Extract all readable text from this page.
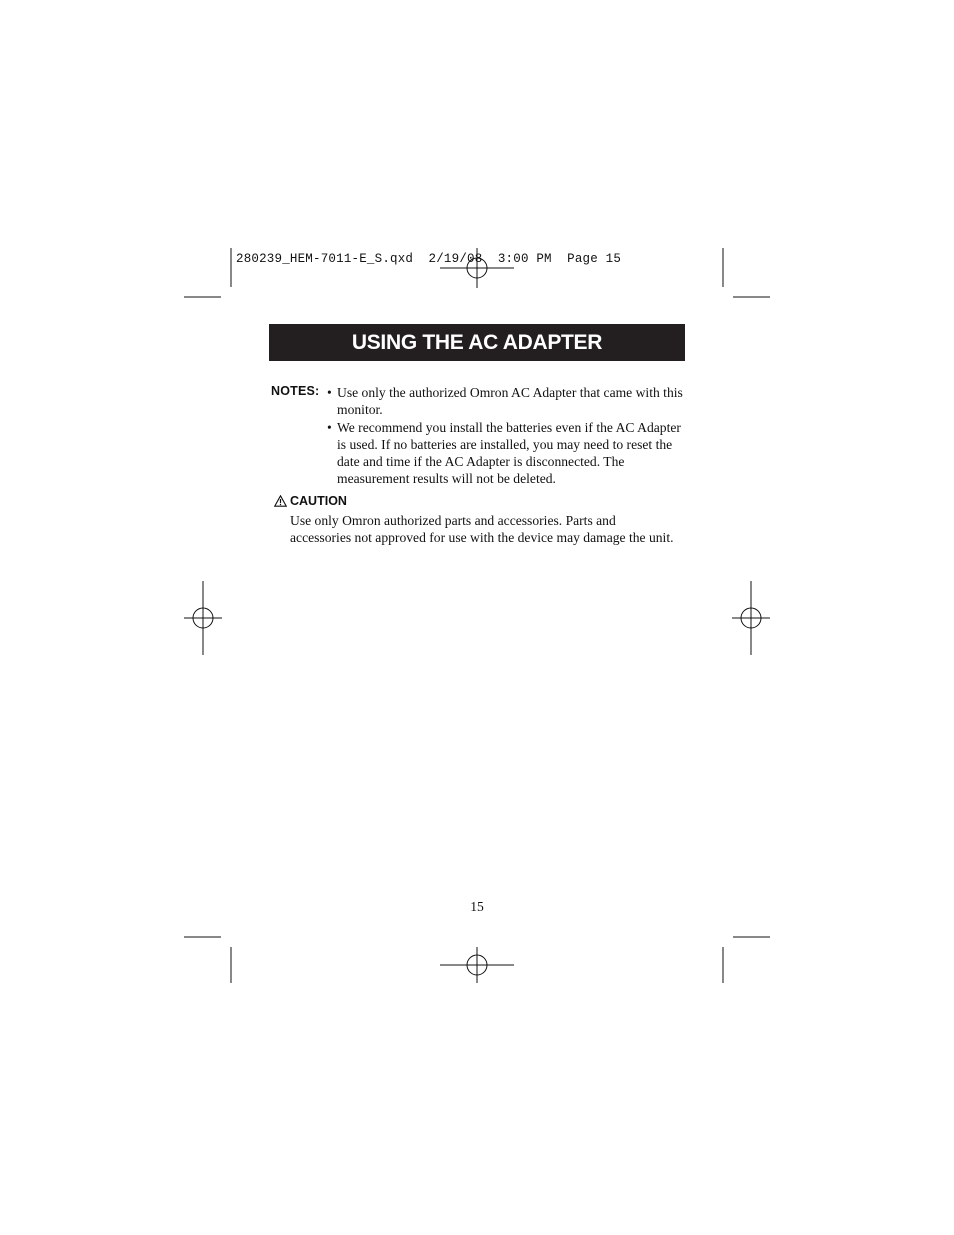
280239_HEM-7011-E_S.qxd  2/19/08  3:00 PM  Page 15
USING THE AC ADAPTER
NOTES: • Use only the authorized Omron AC Adapter that came with this monitor.
• We recommend you install the batteries even if the AC Adapter is used. If no batteries are installed, you may need to reset the date and time if the AC Adapter is disconnected. The measurement results will not be deleted.
CAUTION
Use only Omron authorized parts and accessories. Parts and accessories not approved for use with the device may damage the unit.
15
